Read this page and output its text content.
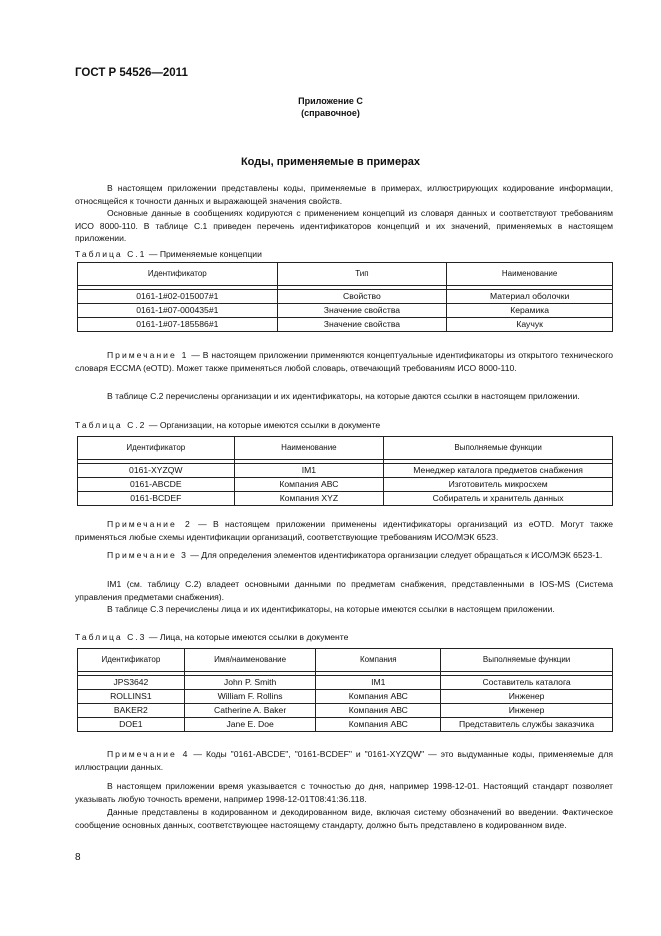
ГОСТ Р 54526—2011
Приложение С
(справочное)
Коды, применяемые в примерах
В настоящем приложении представлены коды, применяемые в примерах, иллюстрирующих кодирование информации, относящейся к точности данных и выражающей значения свойств.
Основные данные в сообщениях кодируются с применением концепций из словаря данных и соответствуют требованиям ИСО 8000-110. В таблице С.1 приведен перечень идентификаторов концепций и их значений, применяемых в настоящем приложении.
Таблица С.1 — Применяемые концепции
Идентификатор	Тип	Наименование

0161-1#02-015007#1	Свойство	Материал оболочки
0161-1#07-000435#1	Значение свойства	Керамика
0161-1#07-185586#1	Значение свойства	Каучук
Примечание 1 — В настоящем приложении применяются концептуальные идентификаторы из открытого технического словаря ECCMA (eOTD). Может также применяться любой словарь, отвечающий требованиям ИСО 8000-110.
В таблице С.2 перечислены организации и их идентификаторы, на которые даются ссылки в настоящем приложении.
Таблица С.2 — Организации, на которые имеются ссылки в документе
Идентификатор	Наименование	Выполняемые функции

0161-XYZQW	IM1	Менеджер каталога предметов снабжения
0161-ABCDE	Компания АВС	Изготовитель микросхем
0161-BCDEF	Компания XYZ	Собиратель и хранитель данных
Примечание 2 — В настоящем приложении применены идентификаторы организаций из eOTD. Могут также применяться любые схемы идентификации организаций, соответствующие требованиям ИСО/МЭК 6523.
Примечание 3 — Для определения элементов идентификатора организации следует обращаться к ИСО/МЭК 6523-1.
IM1 (см. таблицу С.2) владеет основными данными по предметам снабжения, представленными в IOS-MS (Система управления предметами снабжения).
В таблице С.3 перечислены лица и их идентификаторы, на которые имеются ссылки в настоящем приложении.
Таблица С.3 — Лица, на которые имеются ссылки в документе
Идентификатор	Имя/наименование	Компания	Выполняемые функции

JPS3642	John P. Smith	IM1	Составитель каталога
ROLLINS1	William F. Rollins	Компания АВС	Инженер
BAKER2	Catherine A. Baker	Компания АВС	Инженер
DOE1	Jane E. Doe	Компания АВС	Представитель службы заказчика
Примечание 4 — Коды "0161-ABCDE", "0161-BCDEF" и "0161-XYZQW" — это выдуманные коды, применяемые для иллюстрации данных.
В настоящем приложении время указывается с точностью до дня, например 1998-12-01. Настоящий стандарт позволяет указывать любую точность времени, например 1998-12-01T08:41:36.118.
Данные представлены в кодированном и декодированном виде, включая систему обозначений во введении. Фактическое сообщение основных данных, соответствующее настоящему стандарту, должно быть представлено в кодированном виде.
8
